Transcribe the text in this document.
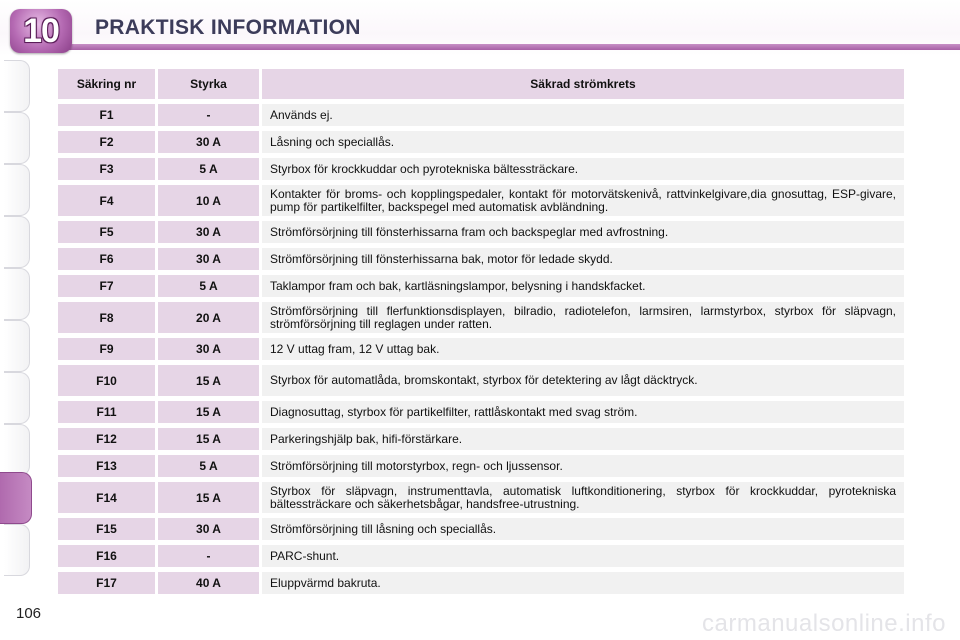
10 PRAKTISK INFORMATION
Säkring nr	Styrka	Säkrad strömkrets
F1	-	Används ej.
F2	30 A	Låsning och speciallås.
F3	5 A	Styrbox för krockkuddar och pyrotekniska bältessträckare.
F4	10 A	Kontakter för broms- och kopplingspedaler, kontakt för motorvätskenivå, rattvinkelgivare,dia gnosuttag, ESP-givare, pump för partikelfilter, backspegel med automatisk avbländning.
F5	30 A	Strömförsörjning till fönsterhissarna fram och backspeglar med avfrostning.
F6	30 A	Strömförsörjning till fönsterhissarna bak, motor för ledade skydd.
F7	5 A	Taklampor fram och bak, kartläsningslampor, belysning i handskfacket.
F8	20 A	Strömförsörjning till flerfunktionsdisplayen, bilradio, radiotelefon, larmsiren, larmstyrbox, styrbox för släpvagn, strömförsörjning till reglagen under ratten.
F9	30 A	12 V uttag fram, 12 V uttag bak.
F10	15 A	Styrbox för automatlåda, bromskontakt, styrbox för detektering av lågt däcktryck.
F11	15 A	Diagnosuttag, styrbox för partikelfilter, rattlåskontakt med svag ström.
F12	15 A	Parkeringshjälp bak, hifi-förstärkare.
F13	5 A	Strömförsörjning till motorstyrbox, regn- och ljussensor.
F14	15 A	Styrbox för släpvagn, instrumenttavla, automatisk luftkonditionering, styrbox för krockkuddar, pyrotekniska bältessträckare och säkerhetsbågar, handsfree-utrustning.
F15	30 A	Strömförsörjning till låsning och speciallås.
F16	-	PARC-shunt.
F17	40 A	Eluppvärmd bakruta.
106	carmanualsonline.info
